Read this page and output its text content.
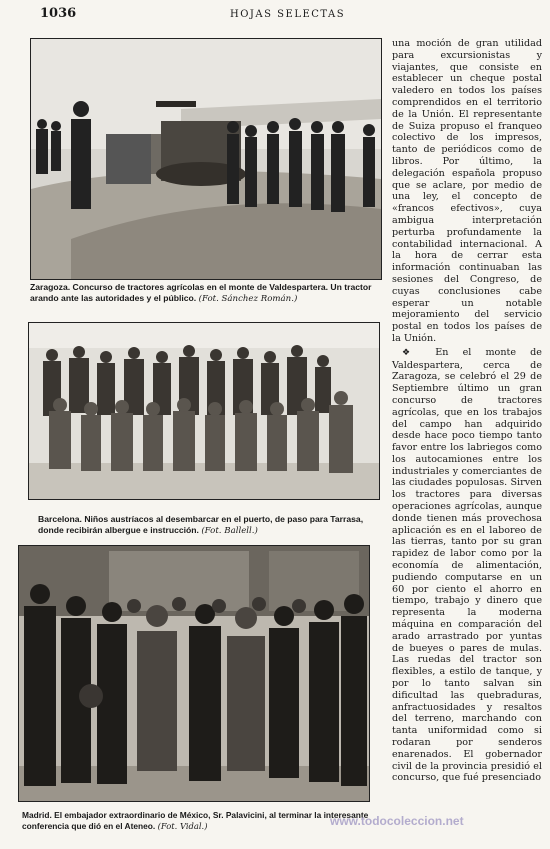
1036	HOJAS SELECTAS
Zaragoza. Concurso de tractores agrícolas en el monte de Valdespartera. Un tractor arando ante las autoridades y el público. (Fot. Sánchez Román.)
Barcelona. Niños austríacos al desembarcar en el puerto, de paso para Tarrasa, donde recibirán albergue e instrucción. (Fot. Ballell.)
Madrid. El embajador extraordinario de México, Sr. Palavicini, al terminar la interesante conferencia que dió en el Ateneo. (Fot. Vidal.)

una moción de gran utilidad para excursionistas y viajantes, que consiste en establecer un cheque postal valedero en todos los países comprendidos en el territorio de la Unión. El representante de Suiza propuso el franqueo colectivo de los impresos, tanto de periódicos como de libros. Por último, la delegación española propuso que se aclare, por medio de una ley, el concepto de «francos efectivos», cuya ambigua interpretación perturba profundamente la contabilidad internacional. A la hora de cerrar esta información continuaban las sesiones del Congreso, de cuyas conclusiones cabe esperar un notable mejoramiento del servicio postal en todos los países de la Unión.

❖ En el monte de Valdespartera, cerca de Zaragoza, se celebró el 29 de Septiembre último un gran concurso de tractores agrícolas, que en los trabajos del campo han adquirido desde hace poco tiempo tanto favor entre los labriegos como los autocamiones entre los industriales y comerciantes de las ciudades populosas. Sirven los tractores para diversas operaciones agrícolas, aunque donde tienen más provechosa aplicación es en el laboreo de las tierras, tanto por su gran rapidez de labor como por la economía de alimentación, pudiendo computarse en un 60 por ciento el ahorro en tiempo, trabajo y dinero que representa la moderna máquina en comparación del arado arrastrado por yuntas de bueyes o pares de mulas. Las ruedas del tractor son flexibles, a estilo de tanque, y por lo tanto salvan sin dificultad las quebraduras, anfractuosidades y resaltos del terreno, marchando con tanta uniformidad como si rodaran por senderos enarenados. El gobernador civil de la provincia presidió el concurso, que fué presenciado

www.todocoleccion.net
